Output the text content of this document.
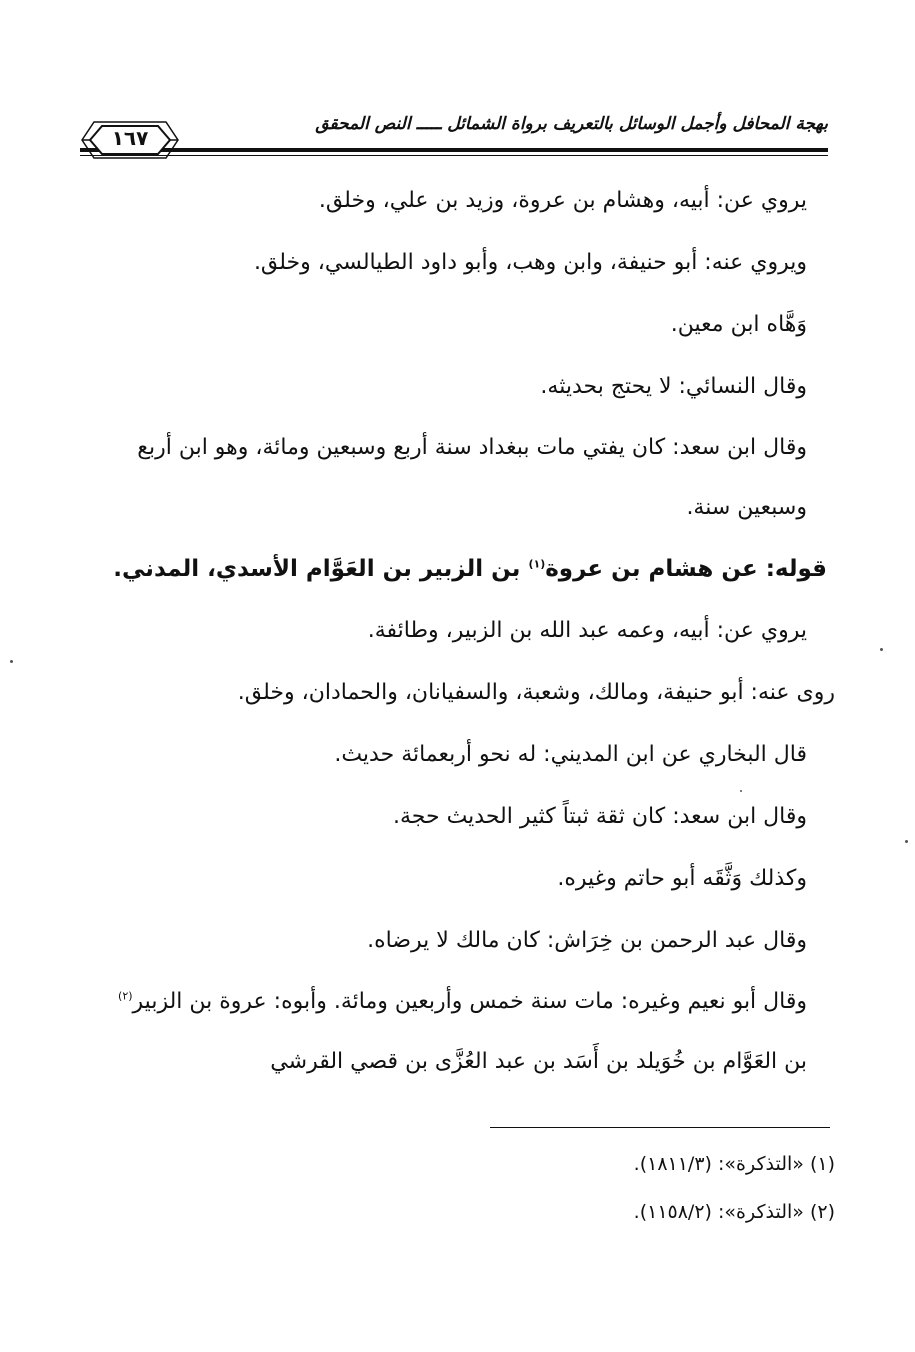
بهجة المحافل وأجمل الوسائل بالتعريف برواة الشمائل ـــــ النص المحقق
١٦٧

يروي عن: أبيه، وهشام بن عروة، وزيد بن علي، وخلق.

ويروي عنه: أبو حنيفة، وابن وهب، وأبو داود الطيالسي، وخلق.

وَهَّاه ابن معين.

وقال النسائي: لا يحتج بحديثه.

وقال ابن سعد: كان يفتي مات ببغداد سنة أربع وسبعين ومائة، وهو ابن أربع وسبعين سنة.

قوله: عن هشام بن عروة$^{(١)}$ بن الزبير بن العَوَّام الأسدي، المدني.

يروي عن: أبيه، وعمه عبد الله بن الزبير، وطائفة.

روى عنه: أبو حنيفة، ومالك، وشعبة، والسفيانان، والحمادان، وخلق.

قال البخاري عن ابن المديني: له نحو أربعمائة حديث.

وقال ابن سعد: كان ثقة ثبتاً كثير الحديث حجة.

وكذلك وَثَّقَه أبو حاتم وغيره.

وقال عبد الرحمن بن خِرَاش: كان مالك لا يرضاه.

وقال أبو نعيم وغيره: مات سنة خمس وأربعين ومائة. وأبوه: عروة بن الزبير$^{(٢)}$ بن العَوَّام بن خُوَيلد بن أَسَد بن عبد العُزَّى بن قصي القرشي

(١) «التذكرة»: (١٨١١/٣).
(٢) «التذكرة»: (١١٥٨/٢).
